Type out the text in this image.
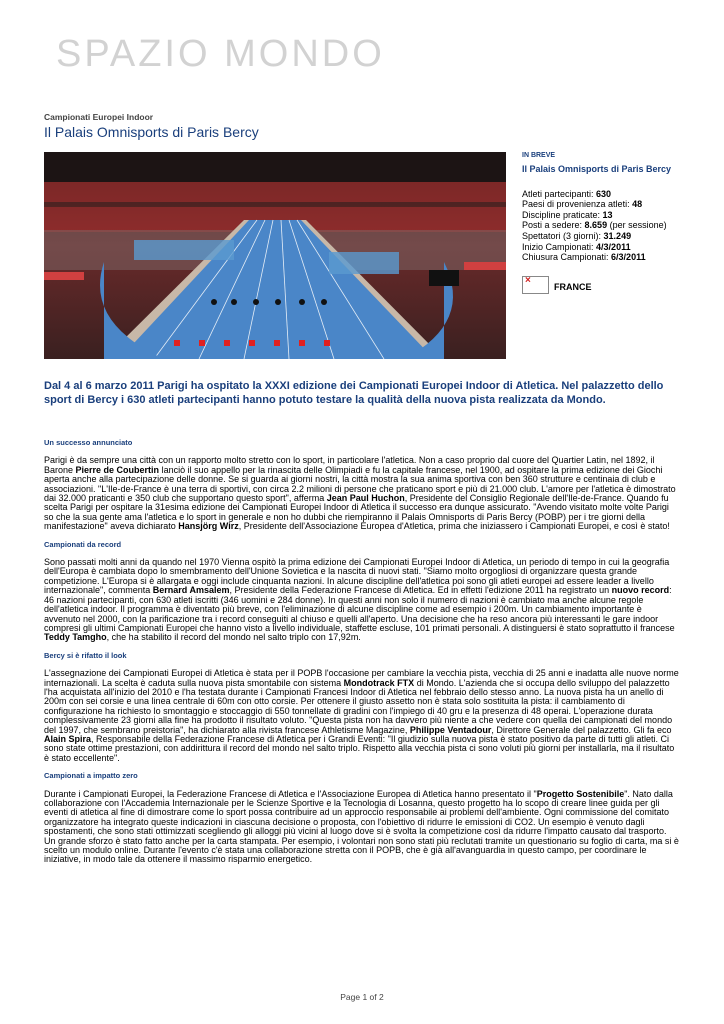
SPAZIO MONDO
Campionati Europei Indoor
Il Palais Omnisports di Paris Bercy
IN BREVE
Il Palais Omnisports di Paris Bercy
Atleti partecipanti: 630
Paesi di provenienza atleti: 48
Discipline praticate: 13
Posti a sedere: 8.659 (per sessione)
Spettatori (3 giorni): 31.249
Inizio Campionati: 4/3/2011
Chiusura Campionati: 6/3/2011
×
FRANCE
Dal 4 al 6 marzo 2011 Parigi ha ospitato la XXXI edizione dei Campionati Europei Indoor di Atletica. Nel palazzetto dello sport di Bercy i 630 atleti partecipanti hanno potuto testare la qualità della nuova pista realizzata da Mondo.
Un successo annunciato
Parigi è da sempre una città con un rapporto molto stretto con lo sport, in particolare l'atletica. Non a caso proprio dal cuore del Quartier Latin, nel 1892, il Barone Pierre de Coubertin lanciò il suo appello per la rinascita delle Olimpiadi e fu la capitale francese, nel 1900, ad ospitare la prima edizione dei Giochi aperta anche alla partecipazione delle donne. Se si guarda ai giorni nostri, la città mostra la sua anima sportiva con ben 360 strutture e centinaia di club e associazioni. "L'Ile-de-France è una terra di sportivi, con circa 2.2 milioni di persone che praticano sport e più di 21.000 club. L'amore per l'atletica è dimostrato dai 32.000 praticanti e 350 club che supportano questo sport", afferma Jean Paul Huchon, Presidente del Consiglio Regionale dell'Ile-de-France. Quando fu scelta Parigi per ospitare la 31esima edizione dei Campionati Europei Indoor di Atletica il successo era dunque assicurato. "Avendo visitato molte volte Parigi so che la sua gente ama l'atletica e lo sport in generale e non ho dubbi che riempiranno il Palais Omnisports di Paris Bercy (POBP) per i tre giorni della manifestazione" aveva dichiarato Hansjörg Wirz, Presidente dell'Associazione Europea d'Atletica, prima che iniziassero i Campionati Europei, e così è stato!
Campionati da record
Sono passati molti anni da quando nel 1970 Vienna ospitò la prima edizione dei Campionati Europei Indoor di Atletica, un periodo di tempo in cui la geografia dell'Europa è cambiata dopo lo smembramento dell'Unione Sovietica e la nascita di nuovi stati. "Siamo molto orgogliosi di organizzare questa grande competizione. L'Europa si è allargata e oggi include cinquanta nazioni. In alcune discipline dell'atletica poi sono gli atleti europei ad essere leader a livello internazionale", commenta Bernard Amsalem, Presidente della Federazione Francese di Atletica. Ed in effetti l'edizione 2011 ha registrato un nuovo record: 46 nazioni partecipanti, con 630 atleti iscritti (346 uomini e 284 donne). In questi anni non solo il numero di nazioni è cambiato ma anche alcune regole dell'atletica indoor. Il programma è diventato più breve, con l'eliminazione di alcune discipline come ad esempio i 200m. Un cambiamento importante è avvenuto nel 2000, con la parificazione tra i record conseguiti al chiuso e quelli all'aperto. Una decisione che ha reso ancora più interessanti le gare indoor compresi gli ultimi Campionati Europei che hanno visto a livello individuale, staffette escluse, 101 primati personali. A distinguersi è stato soprattutto il francese Teddy Tamgho, che ha stabilito il record del mondo nel salto triplo con 17,92m.
Bercy si è rifatto il look
L'assegnazione dei Campionati Europei di Atletica è stata per il POPB l'occasione per cambiare la vecchia pista, vecchia di 25 anni e inadatta alle nuove norme internazionali. La scelta è caduta sulla nuova pista smontabile con sistema Mondotrack FTX di Mondo. L'azienda che si occupa dello sviluppo del palazzetto l'ha acquistata all'inizio del 2010 e l'ha testata durante i Campionati Francesi Indoor di Atletica nel febbraio dello stesso anno. La nuova pista ha un anello di 200m con sei corsie e una linea centrale di 60m con otto corsie. Per ottenere il giusto assetto non è stata solo sostituita la pista: il cambiamento di configurazione ha richiesto lo smontaggio e stoccaggio di 550 tonnellate di gradini con l'impiego di 40 gru e la presenza di 48 operai. L'operazione durata complessivamente 23 giorni alla fine ha prodotto il risultato voluto. "Questa pista non ha davvero più niente a che vedere con quella dei campionati del mondo del 1997, che sembrano preistoria", ha dichiarato alla rivista francese Athletisme Magazine, Philippe Ventadour, Direttore Generale del palazzetto. Gli fa eco Alain Spira, Responsabile della Federazione Francese di Atletica per i Grandi Eventi: "Il giudizio sulla nuova pista è stato positivo da parte di tutti gli atleti. Ci sono state ottime prestazioni, con addirittura il record del mondo nel salto triplo. Rispetto alla vecchia pista ci sono voluti più giorni per installarla, ma il risultato è stato eccellente".
Campionati a impatto zero
Durante i Campionati Europei, la Federazione Francese di Atletica e l'Associazione Europea di Atletica hanno presentato il "Progetto Sostenibile". Nato dalla collaborazione con l'Accademia Internazionale per le Scienze Sportive e la Tecnologia di Losanna, questo progetto ha lo scopo di creare linee guida per gli eventi di atletica al fine di dimostrare come lo sport possa contribuire ad un approccio responsabile ai problemi dell'ambiente. Ogni commissione del comitato organizzatore ha integrato queste indicazioni in ciascuna decisione o proposta, con l'obiettivo di ridurre le emissioni di CO2. Un esempio è venuto dagli spostamenti, che sono stati ottimizzati scegliendo gli alloggi più vicini al luogo dove si è svolta la competizione così da ridurre l'impatto causato dal trasporto. Un grande sforzo è stato fatto anche per la carta stampata. Per esempio, i volontari non sono stati più reclutati tramite un questionario su foglio di carta, ma si è scelto un modulo online. Durante l'evento c'è stata una collaborazione stretta con il POPB, che è già all'avanguardia in questo campo, per coordinare le iniziative, in modo tale da ottenere il massimo risparmio energetico.
Page 1 of 2
